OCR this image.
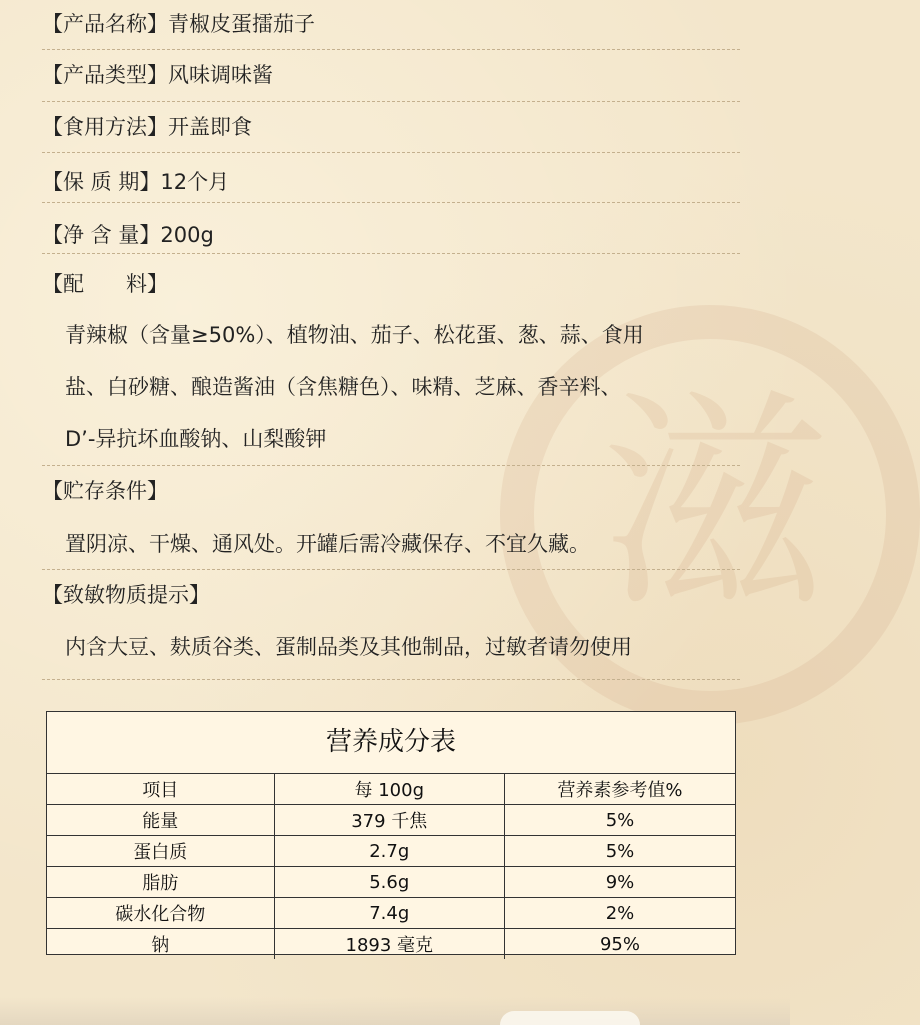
滋
【产品名称】青椒皮蛋擂茄子
【产品类型】风味调味酱
【食用方法】开盖即食
【保 质 期】12个月
【净 含 量】200g
【配　　料】
青辣椒（含量≥50%）、植物油、茄子、松花蛋、葱、蒜、食用
盐、白砂糖、酿造酱油（含焦糖色）、味精、芝麻、香辛料、
D’-异抗坏血酸钠、山梨酸钾
【贮存条件】
置阴凉、干燥、通风处。开罐后需冷藏保存、不宜久藏。
【致敏物质提示】
内含大豆、麸质谷类、蛋制品类及其他制品，过敏者请勿使用
营养成分表
项目	每 100g	营养素参考值%
能量	379 千焦	5%
蛋白质	2.7g	5%
脂肪	5.6g	9%
碳水化合物	7.4g	2%
钠	1893 毫克	95%
